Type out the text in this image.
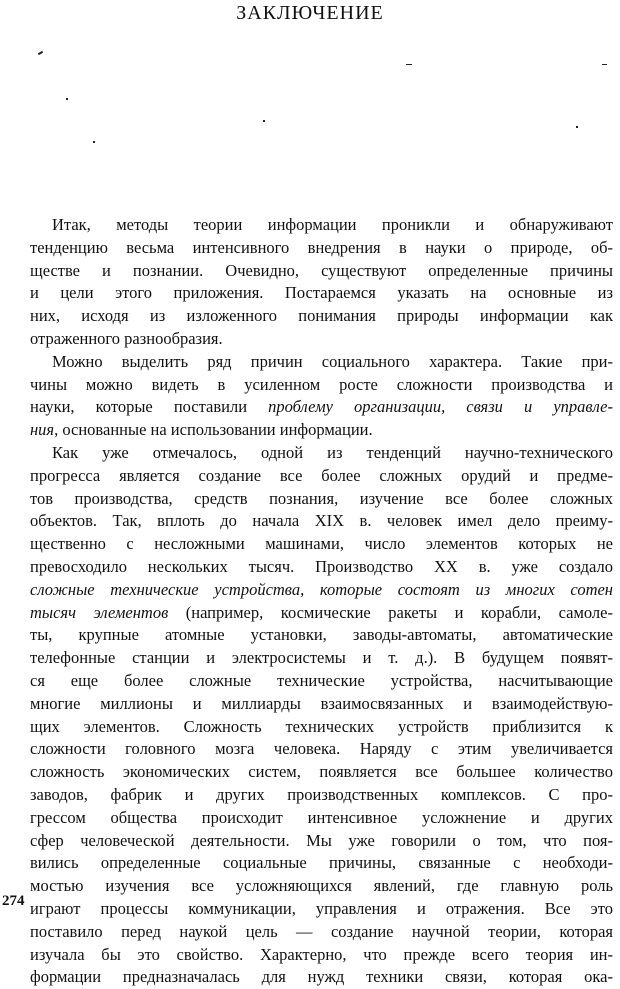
ЗАКЛЮЧЕНИЕ
Итак, методы теории информации проникли и обнаруживают
тенденцию весьма интенсивного внедрения в науки о природе, об-
ществе и познании. Очевидно, существуют определенные причины
и цели этого приложения. Постараемся указать на основные из
них, исходя из изложенного понимания природы информации как
отраженного разнообразия.
Можно выделить ряд причин социального характера. Такие при-
чины можно видеть в усиленном росте сложности производства и
науки, которые поставили проблему организации, связи и управле-
ния, основанные на использовании информации.
Как уже отмечалось, одной из тенденций научно-технического
прогресса является создание все более сложных орудий и предме-
тов производства, средств познания, изучение все более сложных
объектов. Так, вплоть до начала XIX в. человек имел дело преиму-
щественно с несложными машинами, число элементов которых не
превосходило нескольких тысяч. Производство XX в. уже создало
сложные технические устройства, которые состоят из многих сотен
тысяч элементов (например, космические ракеты и корабли, самоле-
ты, крупные атомные установки, заводы-автоматы, автоматические
телефонные станции и электросистемы и т. д.). В будущем появят-
ся еще более сложные технические устройства, насчитывающие
многие миллионы и миллиарды взаимосвязанных и взаимодействую-
щих элементов. Сложность технических устройств приблизится к
сложности головного мозга человека. Наряду с этим увеличивается
сложность экономических систем, появляется все большее количество
заводов, фабрик и других производственных комплексов. С про-
грессом общества происходит интенсивное усложнение и других
сфер человеческой деятельности. Мы уже говорили о том, что поя-
вились определенные социальные причины, связанные с необходи-
мостью изучения все усложняющихся явлений, где главную роль
играют процессы коммуникации, управления и отражения. Все это
поставило перед наукой цель — создание научной теории, которая
изучала бы это свойство. Характерно, что прежде всего теория ин-
формации предназначалась для нужд техники связи, которая ока-
274
